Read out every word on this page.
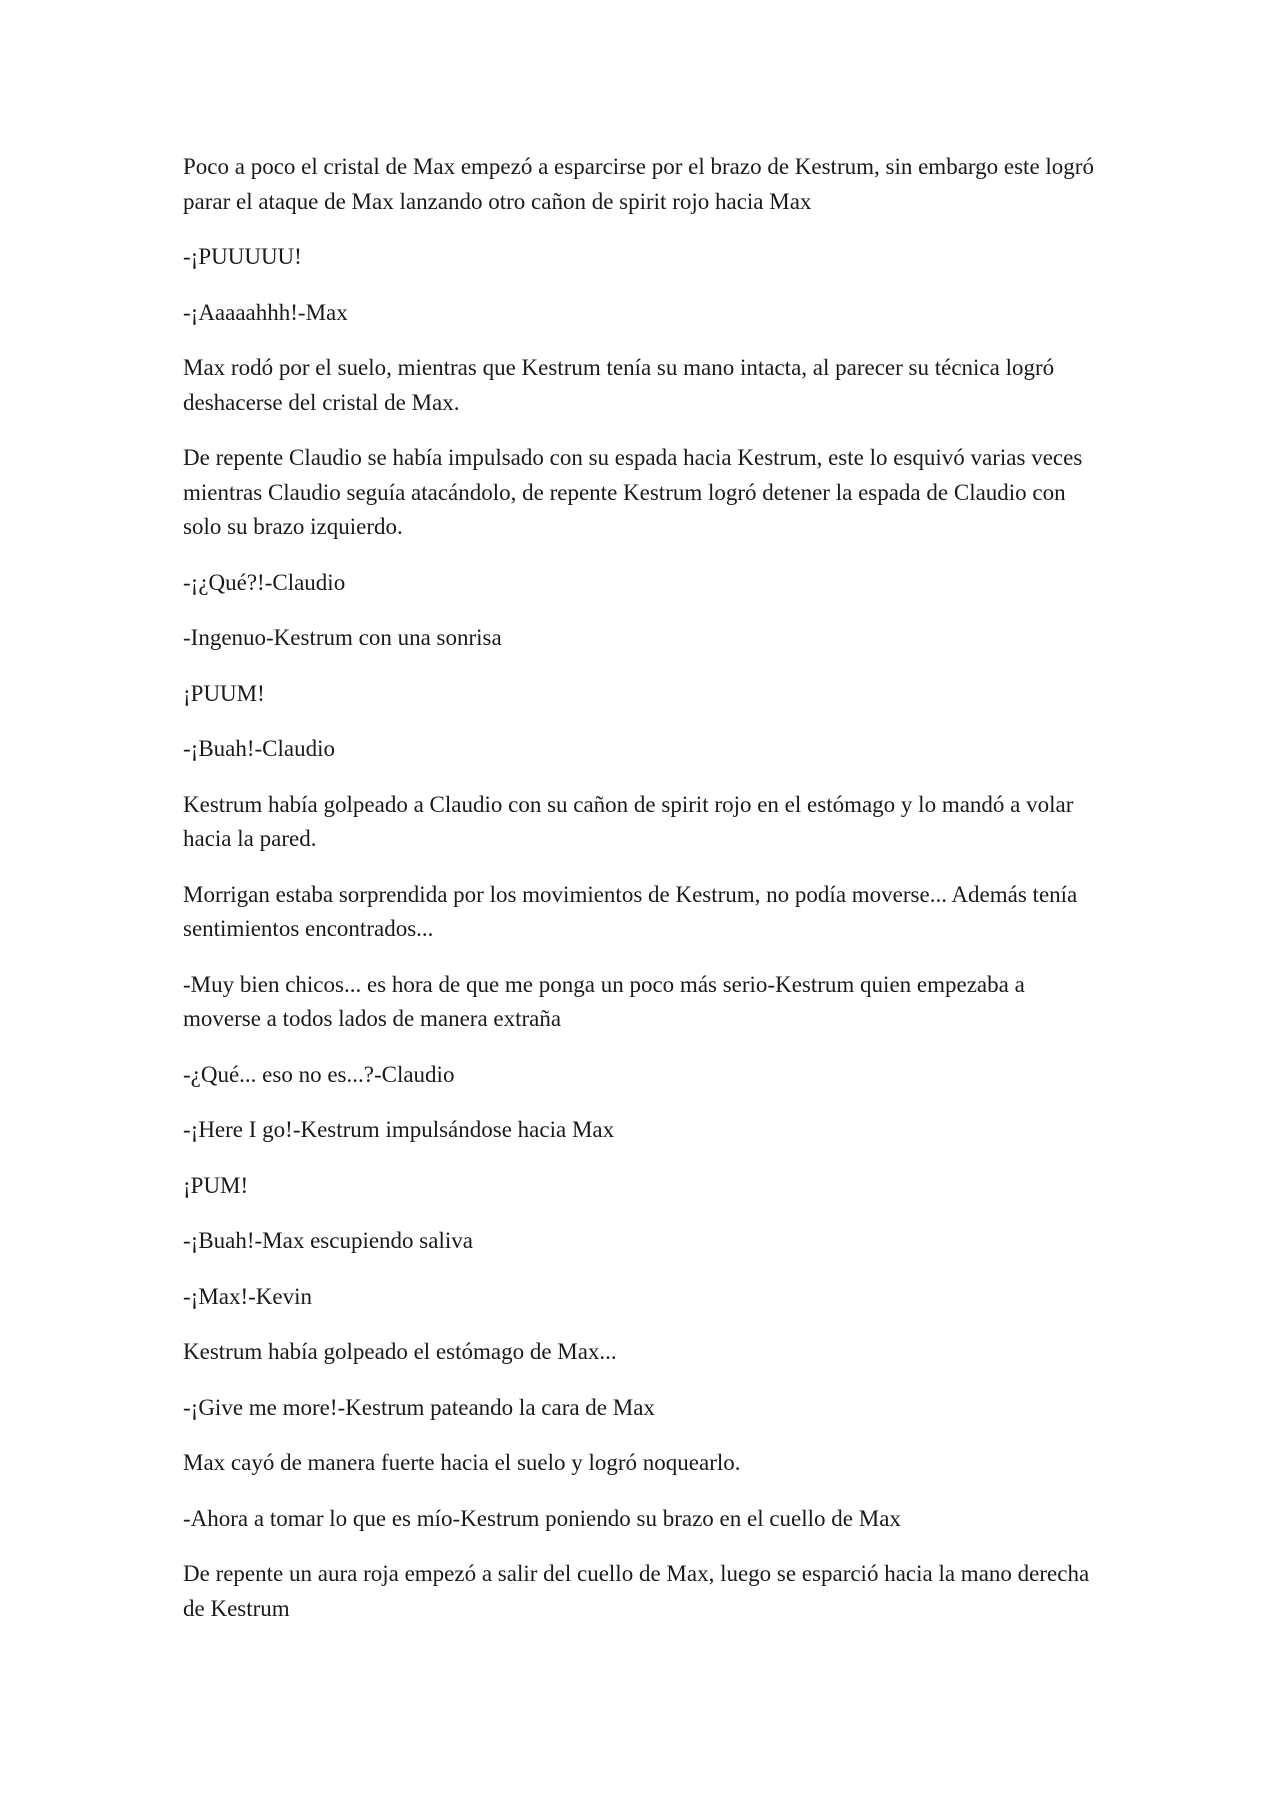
Poco a poco el cristal de Max empezó a esparcirse por el brazo de Kestrum, sin embargo este logró parar el ataque de Max lanzando otro cañon de spirit rojo hacia Max

-¡PUUUUU!

-¡Aaaaahhh!-Max

Max rodó por el suelo, mientras que Kestrum tenía su mano intacta, al parecer su técnica logró deshacerse del cristal de Max.

De repente Claudio se había impulsado con su espada hacia Kestrum, este lo esquivó varias veces mientras Claudio seguía atacándolo, de repente Kestrum logró detener la espada de Claudio con solo su brazo izquierdo.

-¡¿Qué?!-Claudio

-Ingenuo-Kestrum con una sonrisa

¡PUUM!

-¡Buah!-Claudio

Kestrum había golpeado a Claudio con su cañon de spirit rojo en el estómago y lo mandó a volar hacia la pared.

Morrigan estaba sorprendida por los movimientos de Kestrum, no podía moverse... Además tenía sentimientos encontrados...

-Muy bien chicos... es hora de que me ponga un poco más serio-Kestrum quien empezaba a moverse a todos lados de manera extraña

-¿Qué... eso no es...?-Claudio

-¡Here I go!-Kestrum impulsándose hacia Max

¡PUM!

-¡Buah!-Max escupiendo saliva

-¡Max!-Kevin

Kestrum había golpeado el estómago de Max...

-¡Give me more!-Kestrum pateando la cara de Max

Max cayó de manera fuerte hacia el suelo y logró noquearlo.

-Ahora a tomar lo que es mío-Kestrum poniendo su brazo en el cuello de Max

De repente un aura roja empezó a salir del cuello de Max, luego se esparció hacia la mano derecha de Kestrum
